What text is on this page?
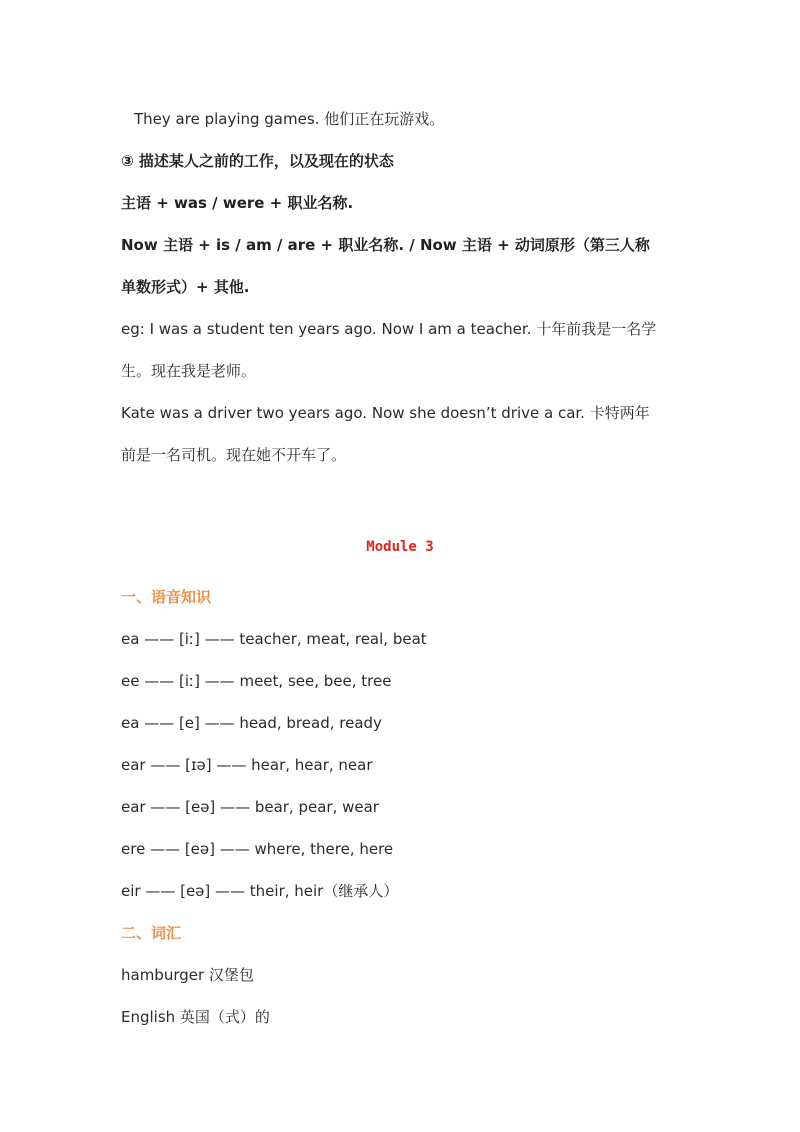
They are playing games. 他们正在玩游戏。
③ 描述某人之前的工作，以及现在的状态
主语 + was / were + 职业名称.
Now 主语 + is / am / are + 职业名称. / Now 主语 + 动词原形（第三人称
单数形式）+ 其他.
eg: I was a student ten years ago. Now I am a teacher. 十年前我是一名学
生。现在我是老师。
Kate was a driver two years ago. Now she doesn’t drive a car. 卡特两年
前是一名司机。现在她不开车了。
Module 3
一、语音知识
ea —— [iː] —— teacher, meat, real, beat
ee —— [iː] —— meet, see, bee, tree
ea —— [e] —— head, bread, ready
ear —— [ɪə] —— hear, hear, near
ear —— [eə] —— bear, pear, wear
ere —— [eə] —— where, there, here
eir —— [eə] —— their, heir（继承人）
二、词汇
hamburger 汉堡包
English 英国（式）的
